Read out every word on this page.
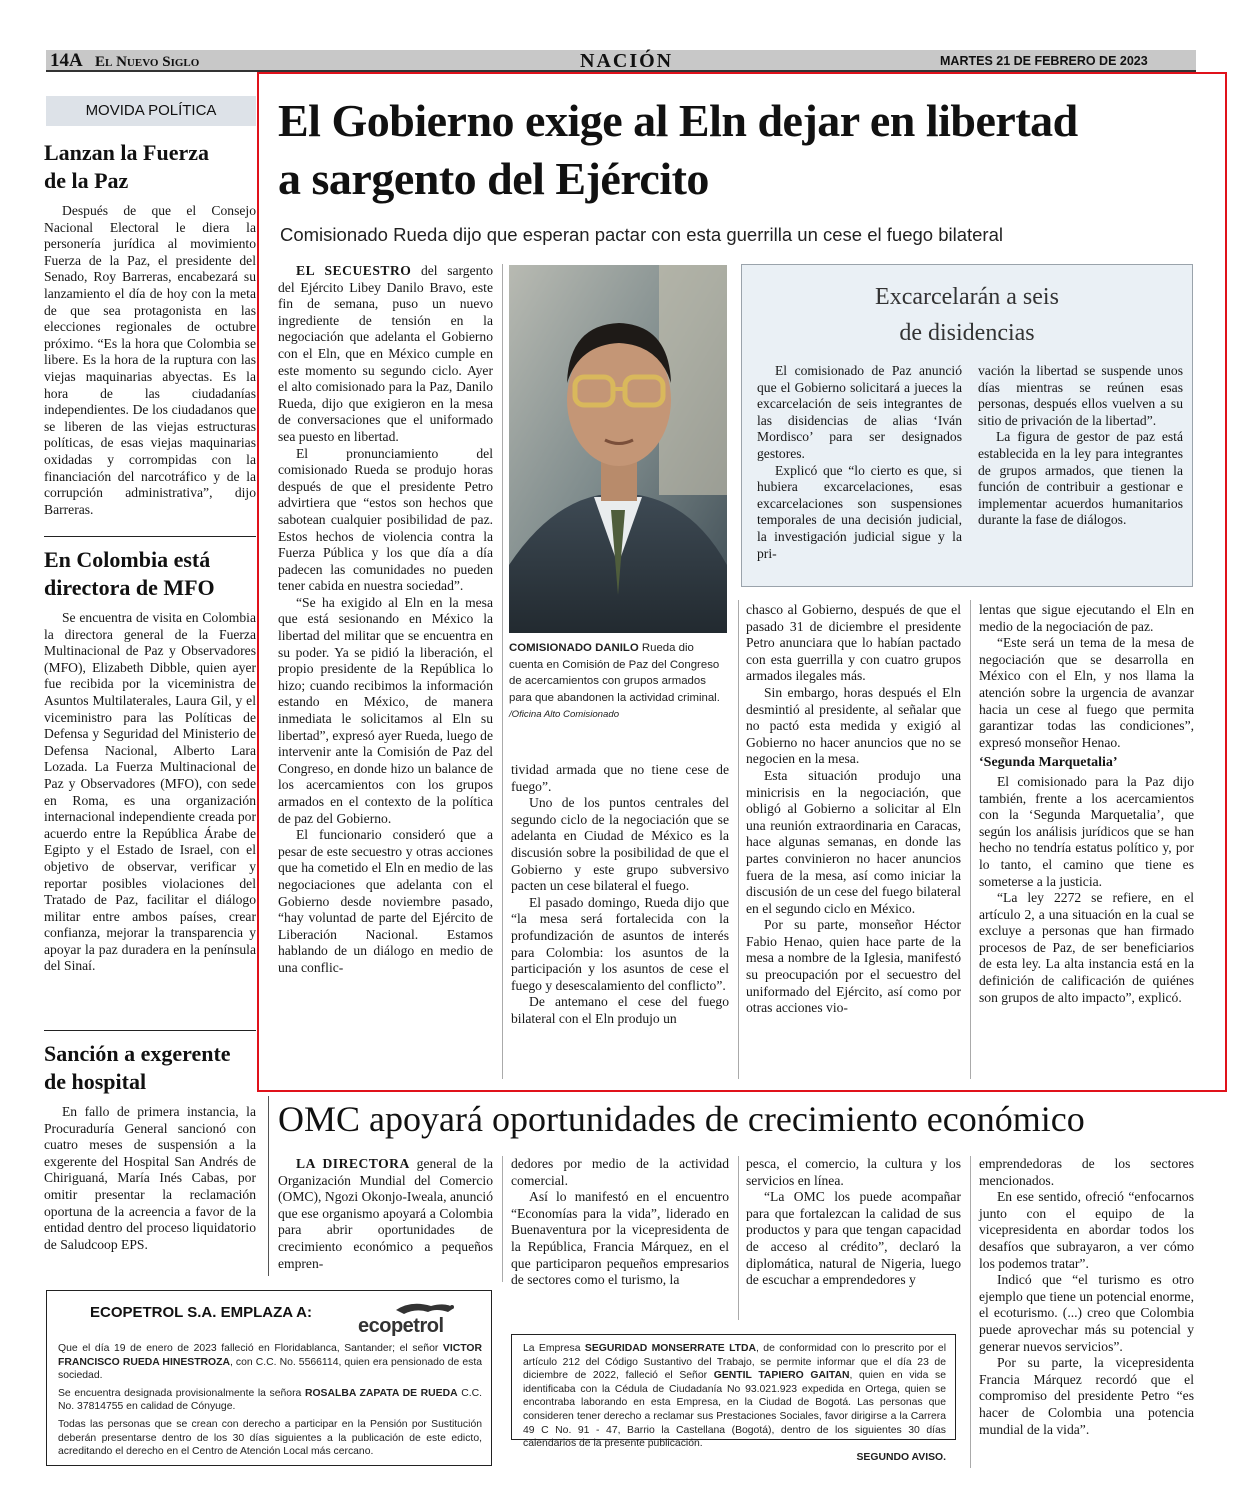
14A El Nuevo Siglo	NACIÓN	MARTES 21 DE FEBRERO DE 2023
MOVIDA POLÍTICA
Lanzan la Fuerza de la Paz

Después de que el Consejo Nacional Electoral le diera la personería jurídica al movimiento Fuerza de la Paz, el presidente del Senado, Roy Barreras, encabezará su lanzamiento el día de hoy con la meta de que sea protagonista en las elecciones regionales de octubre próximo. “Es la hora que Colombia se libere. Es la hora de la ruptura con las viejas maquinarias abyectas. Es la hora de las ciudadanías independientes. De los ciudadanos que se liberen de las viejas estructuras políticas, de esas viejas maquinarias oxidadas y corrompidas con la financiación del narcotráfico y de la corrupción administrativa”, dijo Barreras.

En Colombia está directora de MFO

Se encuentra de visita en Colombia la directora general de la Fuerza Multinacional de Paz y Observadores (MFO), Elizabeth Dibble, quien ayer fue recibida por la viceministra de Asuntos Multilaterales, Laura Gil, y el viceministro para las Políticas de Defensa y Seguridad del Ministerio de Defensa Nacional, Alberto Lara Lozada. La Fuerza Multinacional de Paz y Observadores (MFO), con sede en Roma, es una organización internacional independiente creada por acuerdo entre la República Árabe de Egipto y el Estado de Israel, con el objetivo de observar, verificar y reportar posibles violaciones del Tratado de Paz, facilitar el diálogo militar entre ambos países, crear confianza, mejorar la transparencia y apoyar la paz duradera en la península del Sinaí.

Sanción a exgerente de hospital

En fallo de primera instancia, la Procuraduría General sancionó con cuatro meses de suspensión a la exgerente del Hospital San Andrés de Chiriguaná, María Inés Cabas, por omitir presentar la reclamación oportuna de la acreencia a favor de la entidad dentro del proceso liquidatorio de Saludcoop EPS.

El Gobierno exige al Eln dejar en libertad a sargento del Ejército
Comisionado Rueda dijo que esperan pactar con esta guerrilla un cese el fuego bilateral

EL SECUESTRO del sargento del Ejército Libey Danilo Bravo, este fin de semana, puso un nuevo ingrediente de tensión en la negociación que adelanta el Gobierno con el Eln, que en México cumple en este momento su segundo ciclo. Ayer el alto comisionado para la Paz, Danilo Rueda, dijo que exigieron en la mesa de conversaciones que el uniformado sea puesto en libertad.

El pronunciamiento del comisionado Rueda se produjo horas después de que el presidente Petro advirtiera que “estos son hechos que sabotean cualquier posibilidad de paz. Estos hechos de violencia contra la Fuerza Pública y los que día a día padecen las comunidades no pueden tener cabida en nuestra sociedad”.

“Se ha exigido al Eln en la mesa que está sesionando en México la libertad del militar que se encuentra en su poder. Ya se pidió la liberación, el propio presidente de la República lo hizo; cuando recibimos la información estando en México, de manera inmediata le solicitamos al Eln su libertad”, expresó ayer Rueda, luego de intervenir ante la Comisión de Paz del Congreso, en donde hizo un balance de los acercamientos con los grupos armados en el contexto de la política de paz del Gobierno.

El funcionario consideró que a pesar de este secuestro y otras acciones que ha cometido el Eln en medio de las negociaciones que adelanta con el Gobierno desde noviembre pasado, “hay voluntad de parte del Ejército de Liberación Nacional. Estamos hablando de un diálogo en medio de una conflic-

COMISIONADO DANILO Rueda dio cuenta en Comisión de Paz del Congreso de acercamientos con grupos armados para que abandonen la actividad criminal. /Oficina Alto Comisionado

tividad armada que no tiene cese de fuego”.

Uno de los puntos centrales del segundo ciclo de la negociación que se adelanta en Ciudad de México es la discusión sobre la posibilidad de que el Gobierno y este grupo subversivo pacten un cese bilateral el fuego.

El pasado domingo, Rueda dijo que “la mesa será fortalecida con la profundización de asuntos de interés para Colombia: los asuntos de la participación y los asuntos de cese el fuego y desescalamiento del conflicto”.

De antemano el cese del fuego bilateral con el Eln produjo un

Excarcelarán a seis
de disidencias

El comisionado de Paz anunció que el Gobierno solicitará a jueces la excarcelación de seis integrantes de las disidencias de alias ‘Iván Mordisco’ para ser designados gestores.

Explicó que “lo cierto es que, si hubiera excarcelaciones, esas excarcelaciones son suspensiones temporales de una decisión judicial, la investigación judicial sigue y la pri-

vación la libertad se suspende unos días mientras se reúnen esas personas, después ellos vuelven a su sitio de privación de la libertad”.

La figura de gestor de paz está establecida en la ley para integrantes de grupos armados, que tienen la función de contribuir a gestionar e implementar acuerdos humanitarios durante la fase de diálogos.

chasco al Gobierno, después de que el pasado 31 de diciembre el presidente Petro anunciara que lo habían pactado con esta guerrilla y con cuatro grupos armados ilegales más.

Sin embargo, horas después el Eln desmintió al presidente, al señalar que no pactó esta medida y exigió al Gobierno no hacer anuncios que no se negocien en la mesa.

Esta situación produjo una minicrisis en la negociación, que obligó al Gobierno a solicitar al Eln una reunión extraordinaria en Caracas, hace algunas semanas, en donde las partes convinieron no hacer anuncios fuera de la mesa, así como iniciar la discusión de un cese del fuego bilateral en el segundo ciclo en México.

Por su parte, monseñor Héctor Fabio Henao, quien hace parte de la mesa a nombre de la Iglesia, manifestó su preocupación por el secuestro del uniformado del Ejército, así como por otras acciones vio-

lentas que sigue ejecutando el Eln en medio de la negociación de paz.

“Este será un tema de la mesa de negociación que se desarrolla en México con el Eln, y nos llama la atención sobre la urgencia de avanzar hacia un cese al fuego que permita garantizar todas las condiciones”, expresó monseñor Henao.

‘Segunda Marquetalia’

El comisionado para la Paz dijo también, frente a los acercamientos con la ‘Segunda Marquetalia’, que según los análisis jurídicos que se han hecho no tendría estatus político y, por lo tanto, el camino que tiene es someterse a la justicia.

“La ley 2272 se refiere, en el artículo 2, a una situación en la cual se excluye a personas que han firmado procesos de Paz, de ser beneficiarios de esta ley. La alta instancia está en la definición de calificación de quiénes son grupos de alto impacto”, explicó.

OMC apoyará oportunidades de crecimiento económico

LA DIRECTORA general de la Organización Mundial del Comercio (OMC), Ngozi Okonjo-Iweala, anunció que ese organismo apoyará a Colombia para abrir oportunidades de crecimiento económico a pequeños empren-

dedores por medio de la actividad comercial.

Así lo manifestó en el encuentro “Economías para la vida”, liderado en Buenaventura por la vicepresidenta de la República, Francia Márquez, en el que participaron pequeños empresarios de sectores como el turismo, la

pesca, el comercio, la cultura y los servicios en línea.

“La OMC los puede acompañar para que fortalezcan la calidad de sus productos y para que tengan capacidad de acceso al crédito”, declaró la diplomática, natural de Nigeria, luego de escuchar a emprendedores y

emprendedoras de los sectores mencionados.

En ese sentido, ofreció “enfocarnos junto con el equipo de la vicepresidenta en abordar todos los desafíos que subrayaron, a ver cómo los podemos tratar”.

Indicó que “el turismo es otro ejemplo que tiene un potencial enorme, el ecoturismo. (...) creo que Colombia puede aprovechar más su potencial y generar nuevos servicios”.

Por su parte, la vicepresidenta Francia Márquez recordó que el compromiso del presidente Petro “es hacer de Colombia una potencia mundial de la vida”.

ECOPETROL S.A. EMPLAZA A:
ecopetrol

Que el día 19 de enero de 2023 falleció en Floridablanca, Santander; el señor VICTOR FRANCISCO RUEDA HINESTROZA, con C.C. No. 5566114, quien era pensionado de esta sociedad.

Se encuentra designada provisionalmente la señora ROSALBA ZAPATA DE RUEDA C.C. No. 37814755 en calidad de Cónyuge.

Todas las personas que se crean con derecho a participar en la Pensión por Sustitución deberán presentarse dentro de los 30 días siguientes a la publicación de este edicto, acreditando el derecho en el Centro de Atención Local más cercano.

La Empresa SEGURIDAD MONSERRATE LTDA, de conformidad con lo prescrito por el artículo 212 del Código Sustantivo del Trabajo, se permite informar que el día 23 de diciembre de 2022, falleció el Señor GENTIL TAPIERO GAITAN, quien en vida se identificaba con la Cédula de Ciudadanía No 93.021.923 expedida en Ortega, quien se encontraba laborando en esta Empresa, en la Ciudad de Bogotá. Las personas que consideren tener derecho a reclamar sus Prestaciones Sociales, favor dirigirse a la Carrera 49 C No. 91 - 47, Barrio la Castellana (Bogotá), dentro de los siguientes 30 días calendarios de la presente publicación.

SEGUNDO AVISO.
